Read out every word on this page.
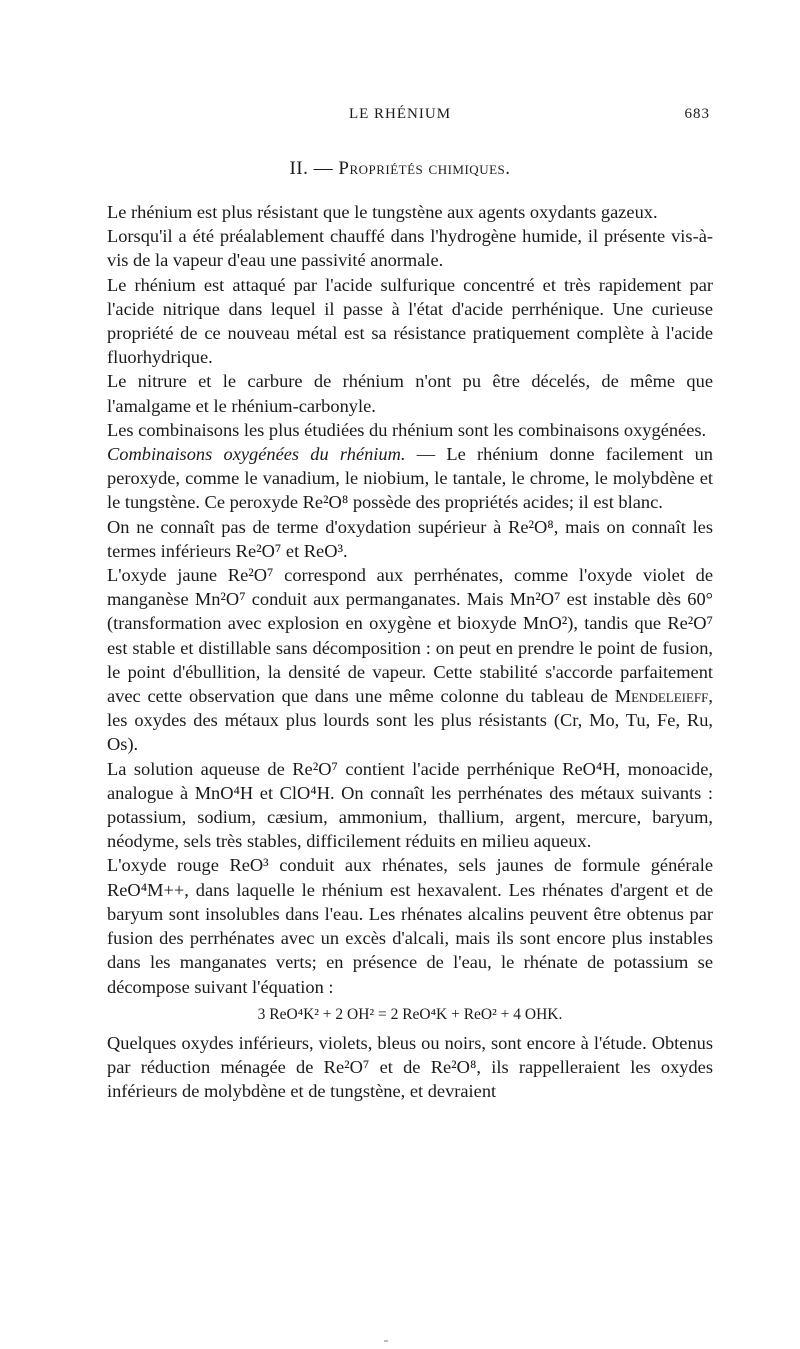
LE RHÉNIUM	683
II. — Propriétés chimiques.

Le rhénium est plus résistant que le tungstène aux agents oxydants gazeux.

Lorsqu'il a été préalablement chauffé dans l'hydrogène humide, il présente vis-à-vis de la vapeur d'eau une passivité anormale.

Le rhénium est attaqué par l'acide sulfurique concentré et très rapidement par l'acide nitrique dans lequel il passe à l'état d'acide perrhénique. Une curieuse propriété de ce nouveau métal est sa résistance pratiquement complète à l'acide fluorhydrique.

Le nitrure et le carbure de rhénium n'ont pu être décelés, de même que l'amalgame et le rhénium-carbonyle.

Les combinaisons les plus étudiées du rhénium sont les combinaisons oxygénées.

Combinaisons oxygénées du rhénium. — Le rhénium donne facilement un peroxyde, comme le vanadium, le niobium, le tantale, le chrome, le molybdène et le tungstène. Ce peroxyde Re²O⁸ possède des propriétés acides; il est blanc.

On ne connaît pas de terme d'oxydation supérieur à Re²O⁸, mais on connaît les termes inférieurs Re²O⁷ et ReO³.

L'oxyde jaune Re²O⁷ correspond aux perrhénates, comme l'oxyde violet de manganèse Mn²O⁷ conduit aux permanganates. Mais Mn²O⁷ est instable dès 60° (transformation avec explosion en oxygène et bioxyde MnO²), tandis que Re²O⁷ est stable et distillable sans décomposition : on peut en prendre le point de fusion, le point d'ébullition, la densité de vapeur. Cette stabilité s'accorde parfaitement avec cette observation que dans une même colonne du tableau de Mendeleieff, les oxydes des métaux plus lourds sont les plus résistants (Cr, Mo, Tu, Fe, Ru, Os).

La solution aqueuse de Re²O⁷ contient l'acide perrhénique ReO⁴H, monoacide, analogue à MnO⁴H et ClO⁴H. On connaît les perrhénates des métaux suivants : potassium, sodium, cæsium, ammonium, thallium, argent, mercure, baryum, néodyme, sels très stables, difficilement réduits en milieu aqueux.

L'oxyde rouge ReO³ conduit aux rhénates, sels jaunes de formule générale ReO⁴M++, dans laquelle le rhénium est hexavalent. Les rhénates d'argent et de baryum sont insolubles dans l'eau. Les rhénates alcalins peuvent être obtenus par fusion des perrhénates avec un excès d'alcali, mais ils sont encore plus instables dans les manganates verts; en présence de l'eau, le rhénate de potassium se décompose suivant l'équation :

3 ReO⁴K² + 2 OH² = 2 ReO⁴K + ReO² + 4 OHK.

Quelques oxydes inférieurs, violets, bleus ou noirs, sont encore à l'étude. Obtenus par réduction ménagée de Re²O⁷ et de Re²O⁸, ils rappelleraient les oxydes inférieurs de molybdène et de tungstène, et devraient
